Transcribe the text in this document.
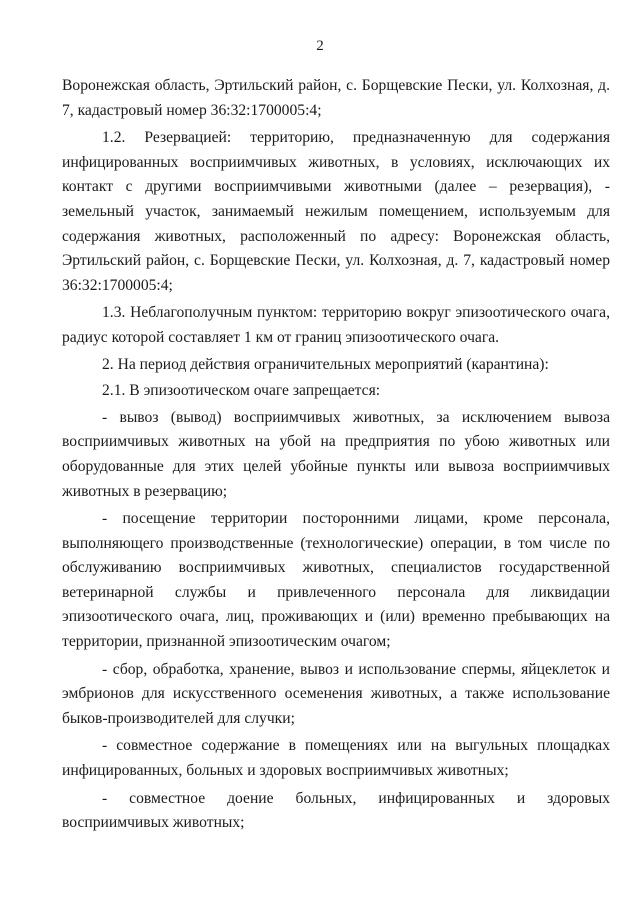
2

Воронежская область, Эртильский район, с. Борщевские Пески, ул. Колхозная, д. 7, кадастровый номер 36:32:1700005:4;

1.2. Резервацией: территорию, предназначенную для содержания инфицированных восприимчивых животных, в условиях, исключающих их контакт с другими восприимчивыми животными (далее – резервация), - земельный участок, занимаемый нежилым помещением, используемым для содержания животных, расположенный по адресу: Воронежская область, Эртильский район, с. Борщевские Пески, ул. Колхозная, д. 7, кадастровый номер 36:32:1700005:4;

1.3. Неблагополучным пунктом: территорию вокруг эпизоотического очага, радиус которой составляет 1 км от границ эпизоотического очага.

2. На период действия ограничительных мероприятий (карантина):

2.1. В эпизоотическом очаге запрещается:

- вывоз (вывод) восприимчивых животных, за исключением вывоза восприимчивых животных на убой на предприятия по убою животных или оборудованные для этих целей убойные пункты или вывоза восприимчивых животных в резервацию;

- посещение территории посторонними лицами, кроме персонала, выполняющего производственные (технологические) операции, в том числе по обслуживанию восприимчивых животных, специалистов государственной ветеринарной службы и привлеченного персонала для ликвидации эпизоотического очага, лиц, проживающих и (или) временно пребывающих на территории, признанной эпизоотическим очагом;

- сбор, обработка, хранение, вывоз и использование спермы, яйцеклеток и эмбрионов для искусственного осеменения животных, а также использование быков-производителей для случки;

- совместное содержание в помещениях или на выгульных площадках инфицированных, больных и здоровых восприимчивых животных;

- совместное доение больных, инфицированных и здоровых восприимчивых животных;
